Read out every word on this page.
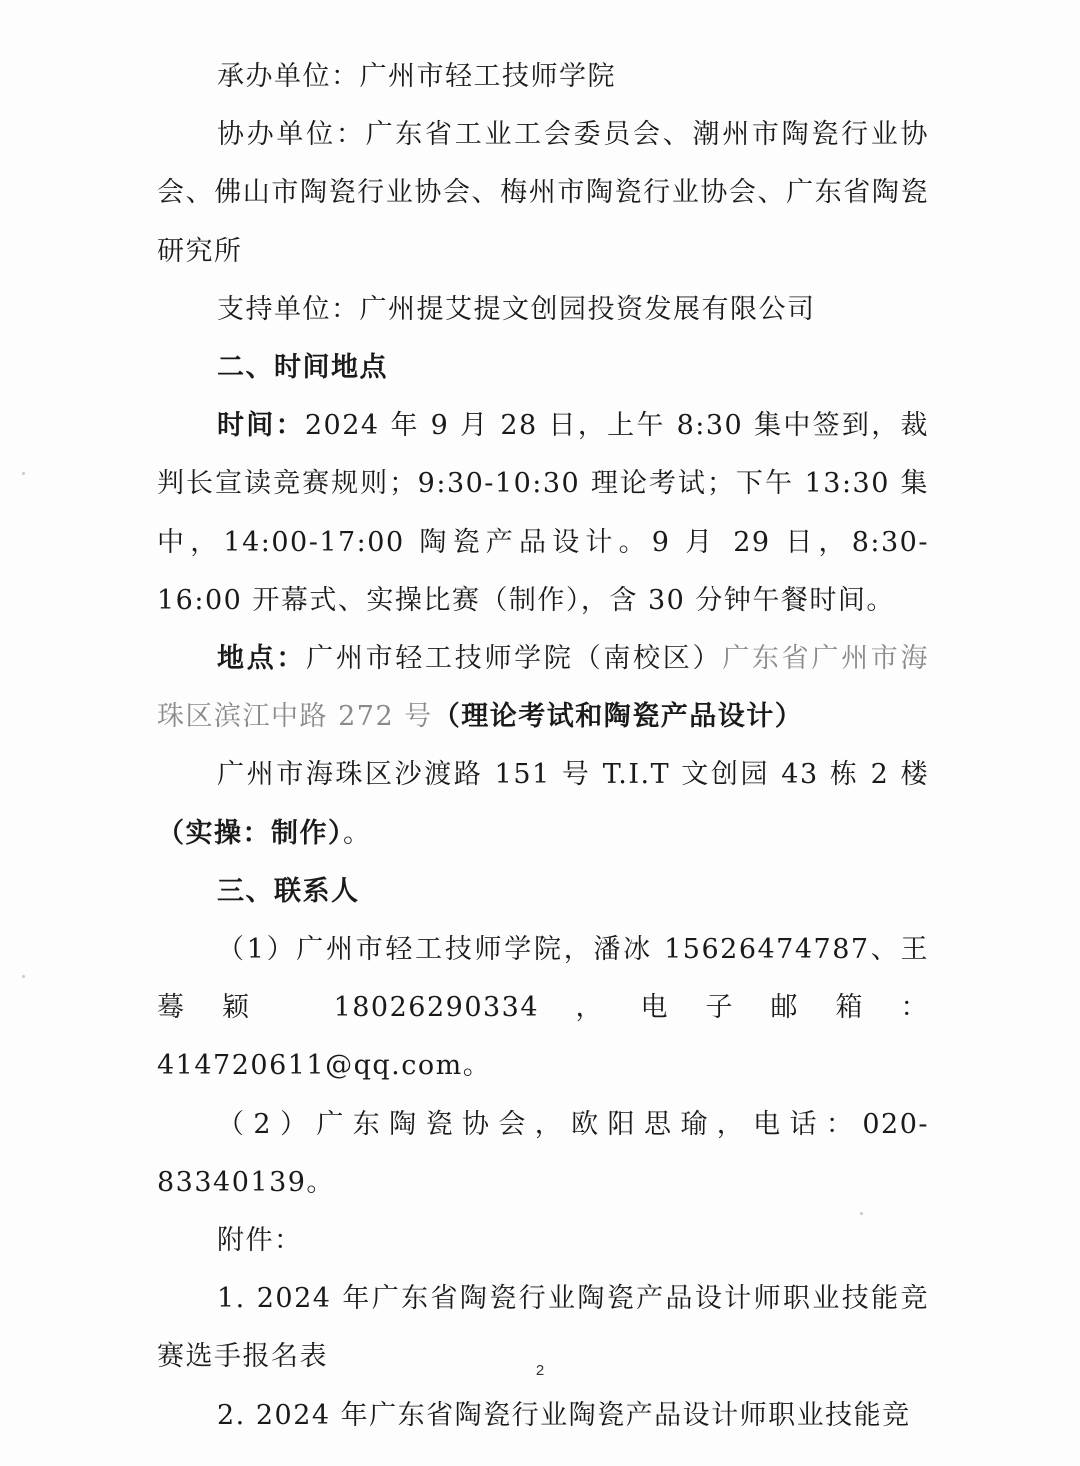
承办单位：广州市轻工技师学院

协办单位：广东省工业工会委员会、潮州市陶瓷行业协会、佛山市陶瓷行业协会、梅州市陶瓷行业协会、广东省陶瓷研究所

支持单位：广州提艾提文创园投资发展有限公司

二、时间地点

时间：2024 年 9 月 28 日，上午 8:30 集中签到，裁判长宣读竞赛规则；9:30-10:30 理论考试；下午 13:30 集中，14:00-17:00 陶瓷产品设计。9 月 29 日，8:30-16:00 开幕式、实操比赛（制作），含 30 分钟午餐时间。

地点：广州市轻工技师学院（南校区）广东省广州市海珠区滨江中路 272 号（理论考试和陶瓷产品设计）

广州市海珠区沙渡路 151 号 T.I.T 文创园 43 栋 2 楼（实操：制作）。

三、联系人

（1）广州市轻工技师学院，潘冰 15626474787、王蓦颖 18026290334，电子邮箱：414720611@qq.com。

（2）广东陶瓷协会，欧阳思瑜，电话：020-83340139。

附件：

1. 2024 年广东省陶瓷行业陶瓷产品设计师职业技能竞赛选手报名表

2. 2024 年广东省陶瓷行业陶瓷产品设计师职业技能竞

2
